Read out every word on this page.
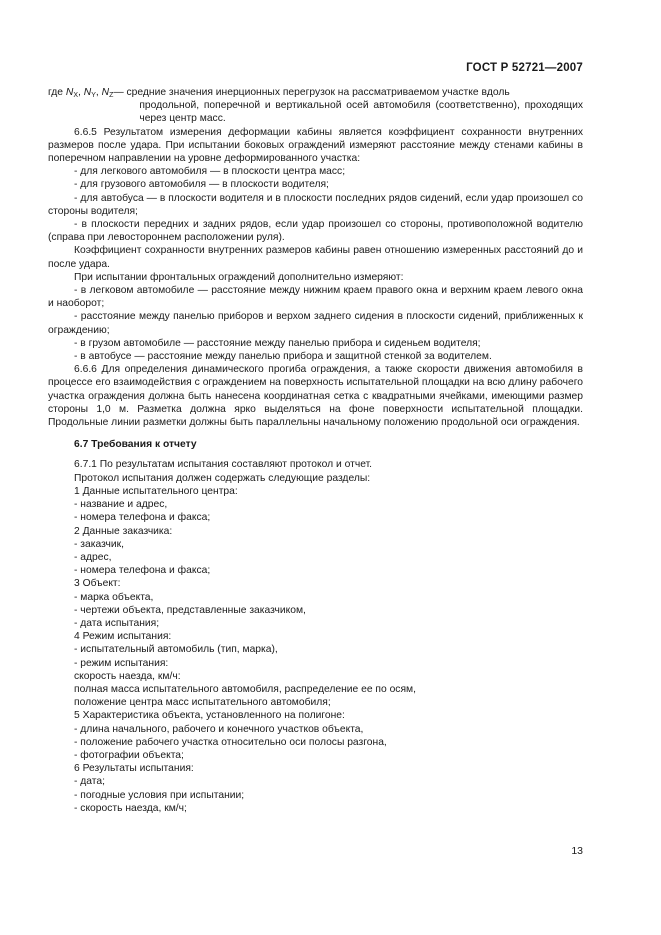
ГОСТ Р 52721—2007
где $N_X$, $N_Y$, $N_Z$ — средние значения инерционных перегрузок на рассматриваемом участке вдоль
продольной, поперечной и вертикальной осей автомобиля (соответственно), проходящих через центр масс.

6.6.5 Результатом измерения деформации кабины является коэффициент сохранности внутренних размеров после удара. При испытании боковых ограждений измеряют расстояние между стенами кабины в поперечном направлении на уровне деформированного участка:

- для легкового автомобиля — в плоскости центра масс;

- для грузового автомобиля — в плоскости водителя;

- для автобуса — в плоскости водителя и в плоскости последних рядов сидений, если удар произошел со стороны водителя;

- в плоскости передних и задних рядов, если удар произошел со стороны, противоположной водителю (справа при левостороннем расположении руля).

Коэффициент сохранности внутренних размеров кабины равен отношению измеренных расстояний до и после удара.

При испытании фронтальных ограждений дополнительно измеряют:

- в легковом автомобиле — расстояние между нижним краем правого окна и верхним краем левого окна и наоборот;

- расстояние между панелью приборов и верхом заднего сидения в плоскости сидений, приближенных к ограждению;

- в грузом автомобиле — расстояние между панелью прибора и сиденьем водителя;

- в автобусе — расстояние между панелью прибора и защитной стенкой за водителем.

6.6.6 Для определения динамического прогиба ограждения, а также скорости движения автомобиля в процессе его взаимодействия с ограждением на поверхность испытательной площадки на всю длину рабочего участка ограждения должна быть нанесена координатная сетка с квадратными ячейками, имеющими размер стороны 1,0 м. Разметка должна ярко выделяться на фоне поверхности испытательной площадки. Продольные линии разметки должны быть параллельны начальному положению продольной оси ограждения.

6.7 Требования к отчету

6.7.1 По результатам испытания составляют протокол и отчет.

Протокол испытания должен содержать следующие разделы:

1 Данные испытательного центра:

- название и адрес,

- номера телефона и факса;

2 Данные заказчика:

- заказчик,

- адрес,

- номера телефона и факса;

3 Объект:

- марка объекта,

- чертежи объекта, представленные заказчиком,

- дата испытания;

4 Режим испытания:

- испытательный автомобиль (тип, марка),

- режим испытания:

скорость наезда, км/ч:

полная масса испытательного автомобиля, распределение ее по осям,

положение центра масс испытательного автомобиля;

5 Характеристика объекта, установленного на полигоне:

- длина начального, рабочего и конечного участков объекта,

- положение рабочего участка относительно оси полосы разгона,

- фотографии объекта;

6 Результаты испытания:

- дата;

- погодные условия при испытании;

- скорость наезда, км/ч;

13
